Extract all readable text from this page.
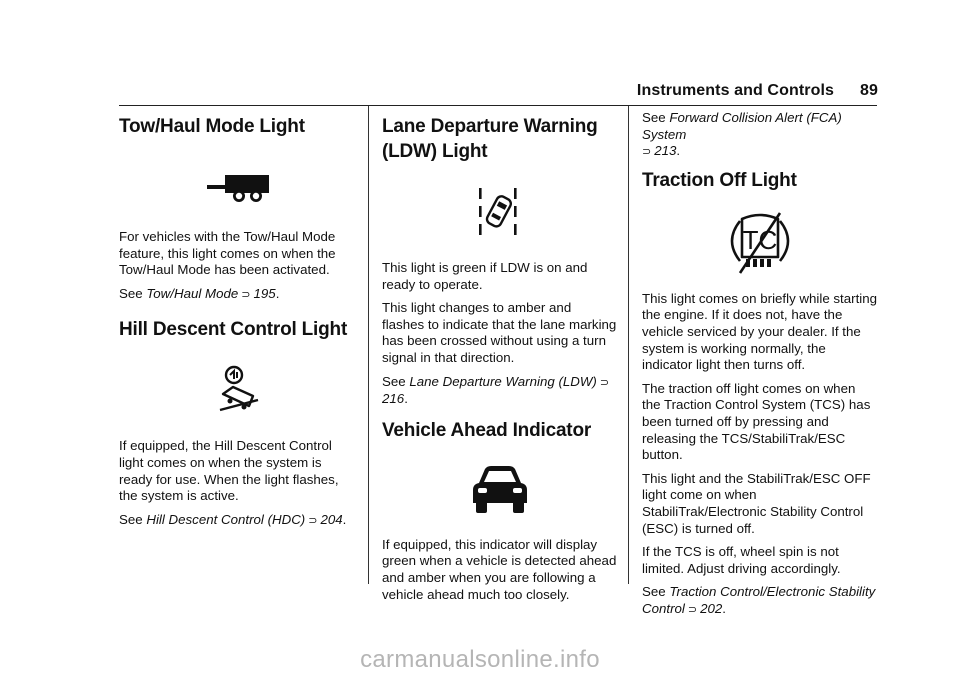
Instruments and Controls 89
Tow/Haul Mode Light

For vehicles with the Tow/Haul Mode feature, this light comes on when the Tow/Haul Mode has been activated.

See Tow/Haul Mode ⊃ 195.

Hill Descent Control Light

If equipped, the Hill Descent Control light comes on when the system is ready for use. When the light flashes, the system is active.

See Hill Descent Control (HDC) ⊃ 204.

Lane Departure Warning (LDW) Light

This light is green if LDW is on and ready to operate.

This light changes to amber and flashes to indicate that the lane marking has been crossed without using a turn signal in that direction.

See Lane Departure Warning (LDW) ⊃216.

Vehicle Ahead Indicator

If equipped, this indicator will display green when a vehicle is detected ahead and amber when you are following a vehicle ahead much too closely.

See Forward Collision Alert (FCA) System
⊃ 213.

Traction Off Light
TC

This light comes on briefly while starting the engine. If it does not, have the vehicle serviced by your dealer. If the system is working normally, the indicator light then turns off.

The traction off light comes on when the Traction Control System (TCS) has been turned off by pressing and releasing the TCS/StabiliTrak/ESC button.

This light and the StabiliTrak/ESC OFF light come on when StabiliTrak/Electronic Stability Control (ESC) is turned off.

If the TCS is off, wheel spin is not limited. Adjust driving accordingly.

See Traction Control/Electronic Stability Control ⊃ 202.

carmanualsonline.info
